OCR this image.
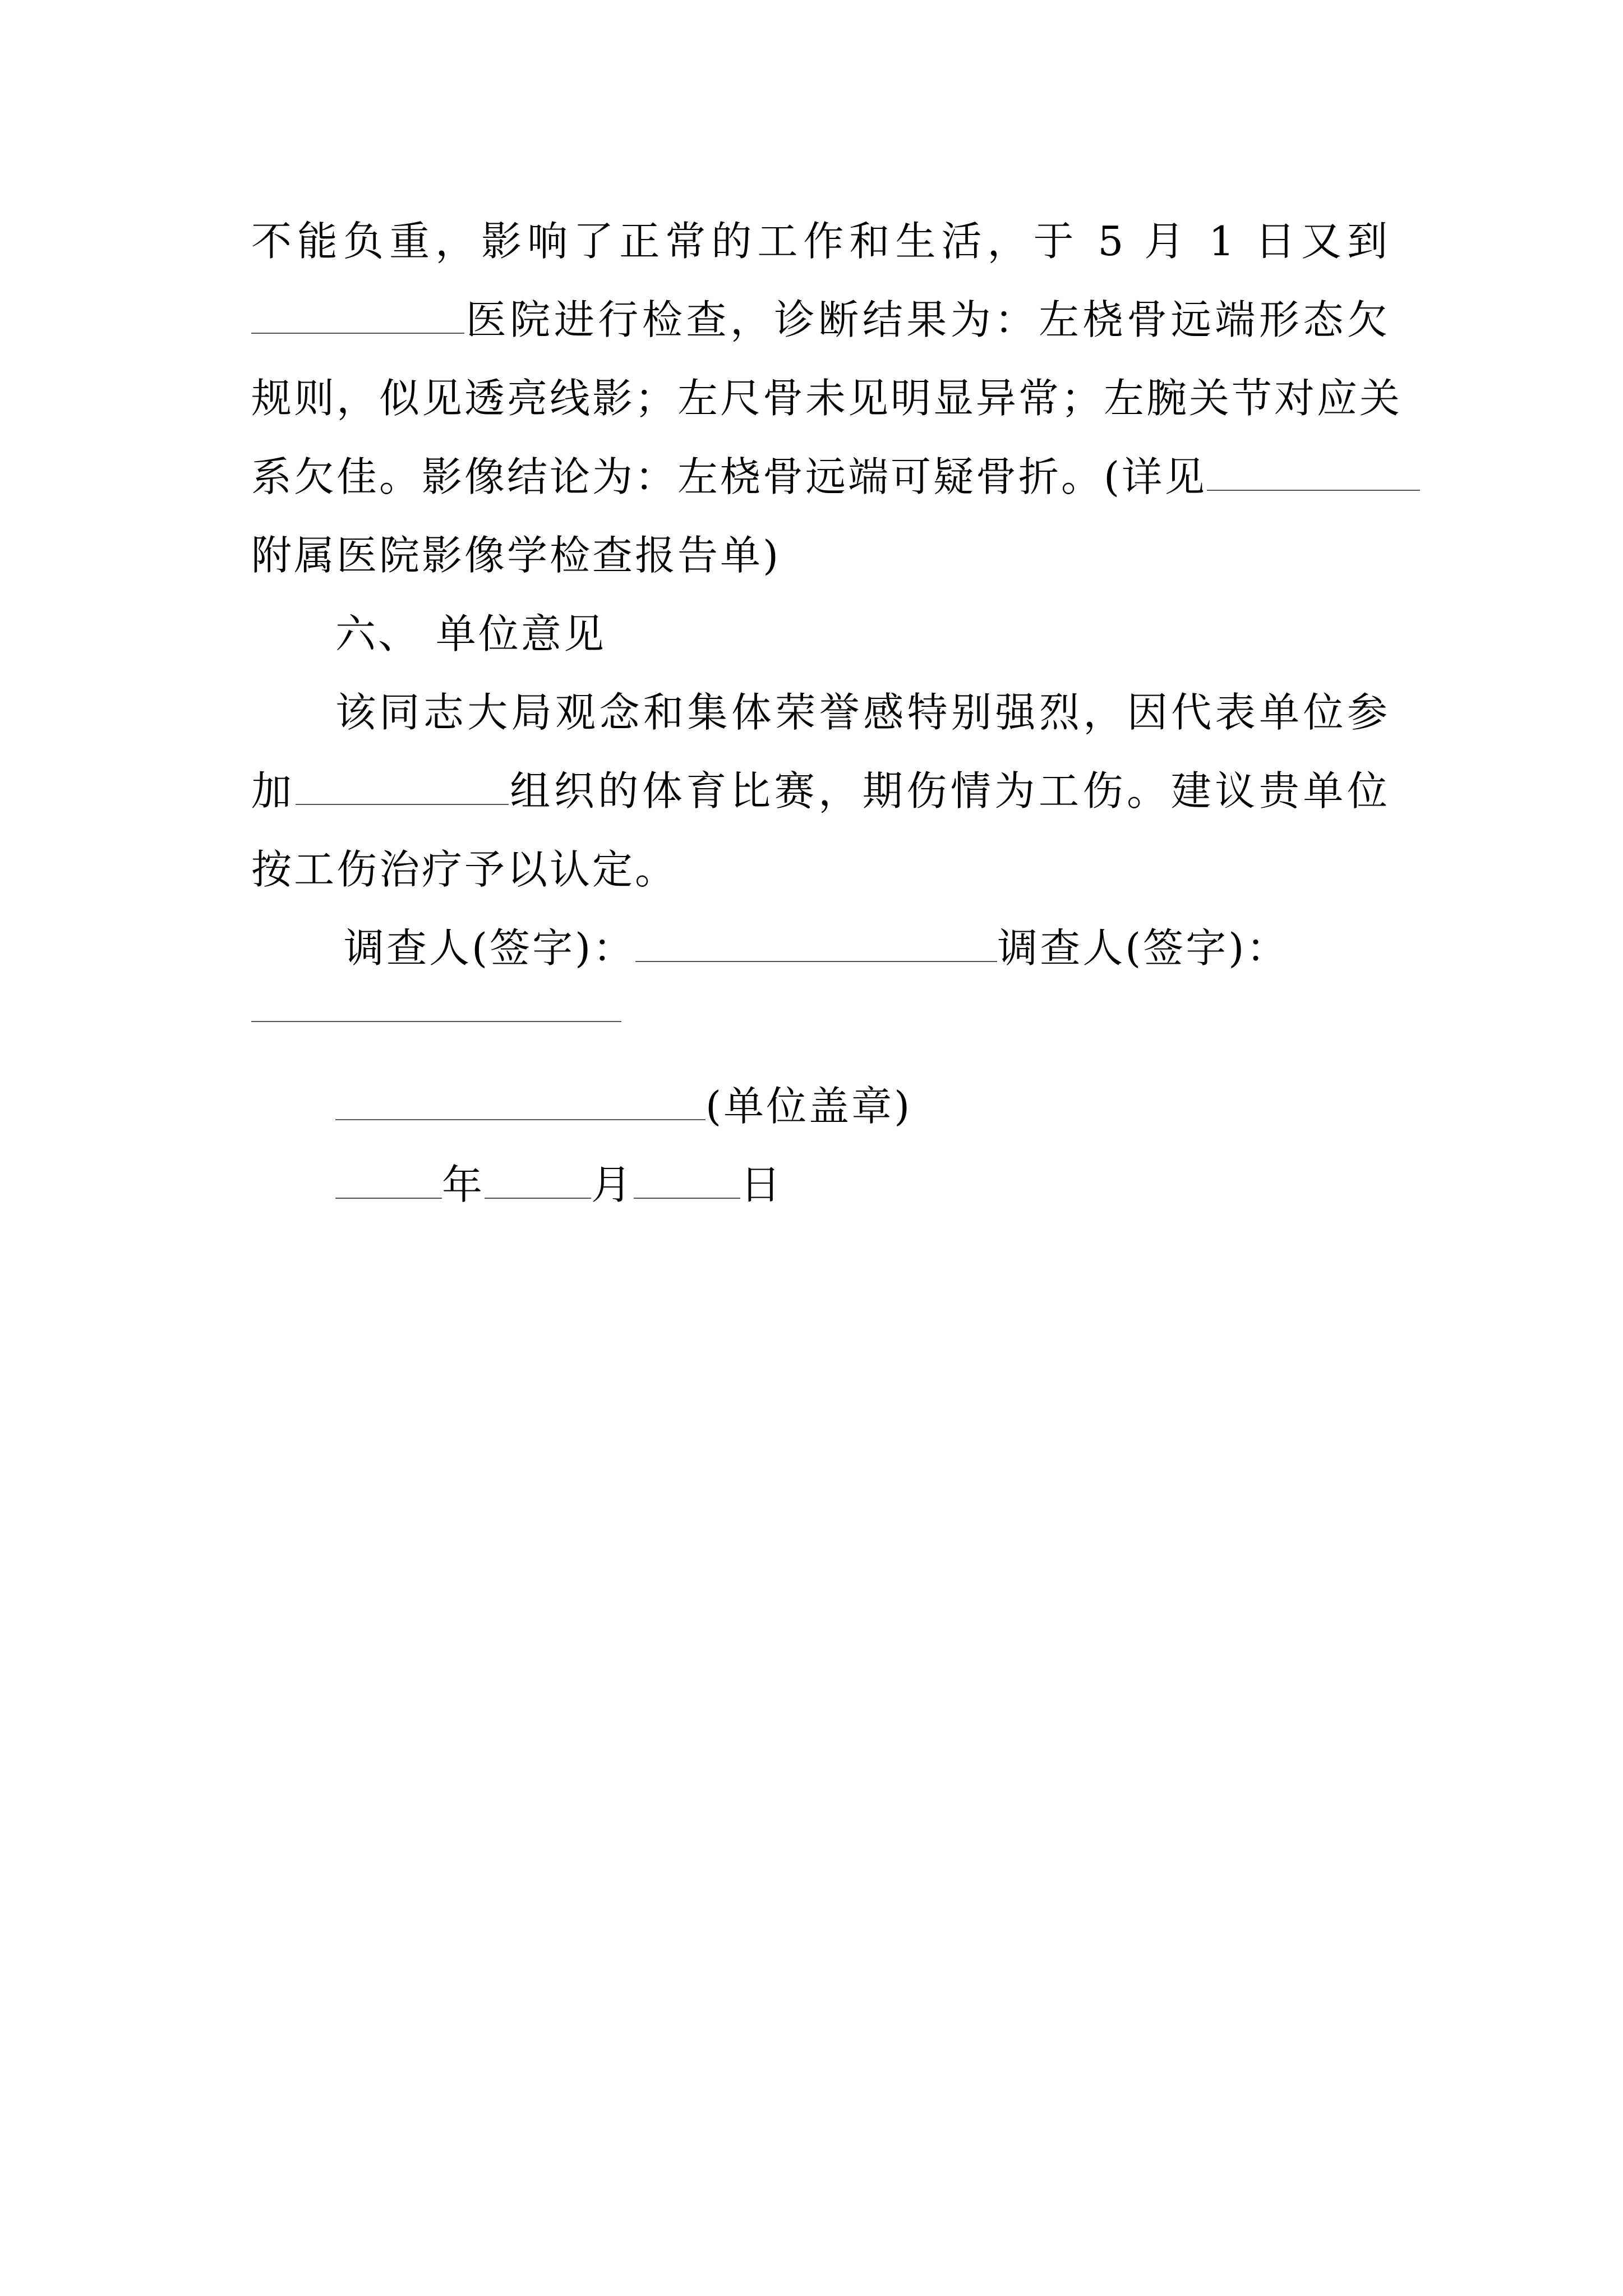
不能负重，影响了正常的工作和生活，于 5 月 1 日又到
医院进行检查，诊断结果为：左桡骨远端形态欠
规则，似见透亮线影；左尺骨未见明显异常；左腕关节对应关
系欠佳。影像结论为：左桡骨远端可疑骨折。(详见
附属医院影像学检查报告单)
六、 单位意见
该同志大局观念和集体荣誉感特别强烈，因代表单位参
加	组织的体育比赛，期伤情为工伤。建议贵单位
按工伤治疗予以认定。
调查人(签字)：	调查人(签字)：
(单位盖章)
年	月	日
